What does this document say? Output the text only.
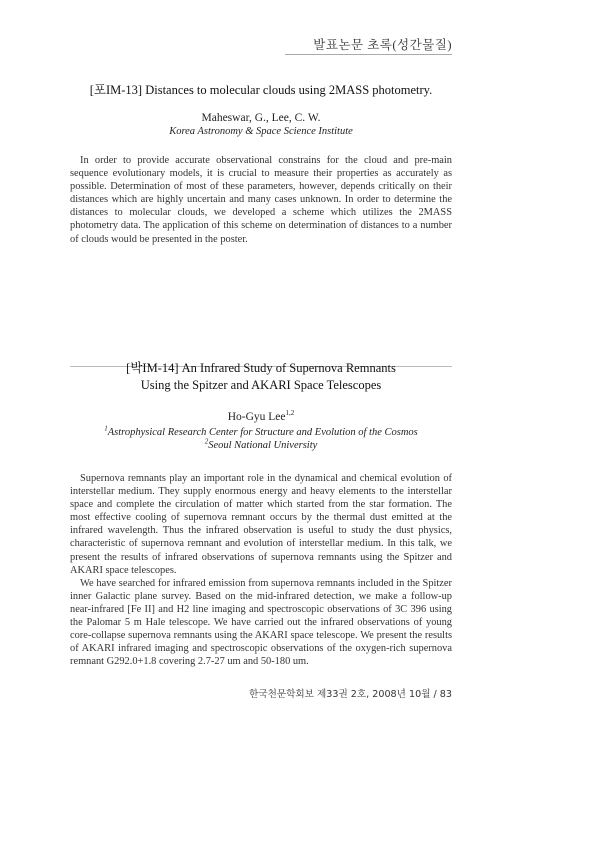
발표논문 초록(성간물질)
[포IM-13] Distances to molecular clouds using 2MASS photometry.
Maheswar, G., Lee, C. W.
Korea Astronomy & Space Science Institute

In order to provide accurate observational constrains for the cloud and pre-main sequence evolutionary models, it is crucial to measure their properties as accurately as possible. Determination of most of these parameters, however, depends critically on their distances which are highly uncertain and many cases unknown. In order to determine the distances to molecular clouds, we developed a scheme which utilizes the 2MASS photometry data. The application of this scheme on determination of distances to a number of clouds would be presented in the poster.

[박IM-14] An Infrared Study of Supernova Remnants
Using the Spitzer and AKARI Space Telescopes
Ho-Gyu Lee$^{1,2}$
$^1$Astrophysical Research Center for Structure and Evolution of the Cosmos
$^2$Seoul National University

Supernova remnants play an important role in the dynamical and chemical evolution of interstellar medium. They supply enormous energy and heavy elements to the interstellar space and complete the circulation of matter which started from the star formation. The most effective cooling of supernova remnant occurs by the thermal dust emitted at the infrared wavelength. Thus the infrared observation is useful to study the dust physics, characteristic of supernova remnant and evolution of interstellar medium. In this talk, we present the results of infrared observations of supernova remnants using the Spitzer and AKARI space telescopes.

We have searched for infrared emission from supernova remnants included in the Spitzer inner Galactic plane survey. Based on the mid-infrared detection, we make a follow-up near-infrared [Fe II] and H2 line imaging and spectroscopic observations of 3C 396 using the Palomar 5 m Hale telescope. We have carried out the infrared observations of young core-collapse supernova remnants using the AKARI space telescope. We present the results of AKARI infrared imaging and spectroscopic observations of the oxygen-rich supernova remnant G292.0+1.8 covering 2.7-27 um and 50-180 um.

한국천문학회보 제33권 2호, 2008년 10월 / 83
